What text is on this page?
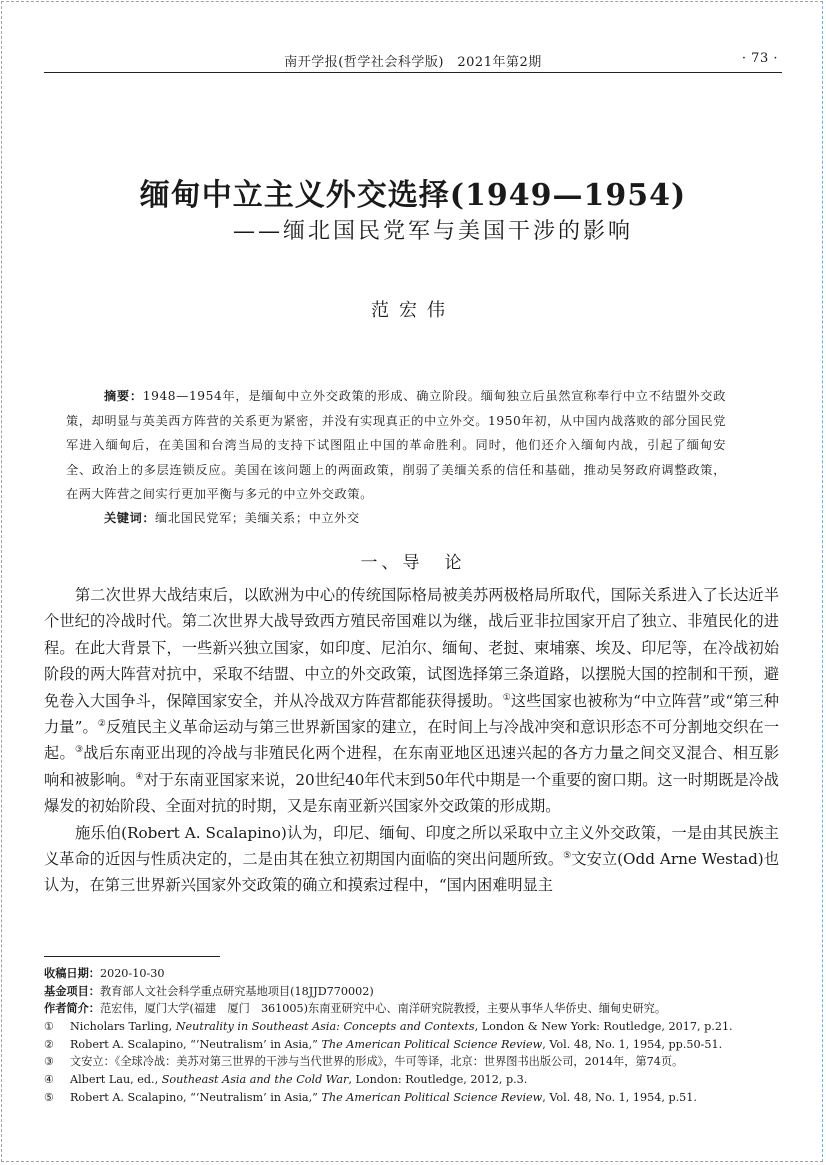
南开学报(哲学社会科学版)　2021年第2期	· 73 ·
缅甸中立主义外交选择(1949—1954)
——缅北国民党军与美国干涉的影响
范宏伟
摘要：1948—1954年，是缅甸中立外交政策的形成、确立阶段。缅甸独立后虽然宣称奉行中立不结盟外交政策，却明显与英美西方阵营的关系更为紧密，并没有实现真正的中立外交。1950年初，从中国内战落败的部分国民党军进入缅甸后，在美国和台湾当局的支持下试图阻止中国的革命胜利。同时，他们还介入缅甸内战，引起了缅甸安全、政治上的多层连锁反应。美国在该问题上的两面政策，削弱了美缅关系的信任和基础，推动吴努政府调整政策，在两大阵营之间实行更加平衡与多元的中立外交政策。
关键词：缅北国民党军；美缅关系；中立外交
一、导　论

第二次世界大战结束后，以欧洲为中心的传统国际格局被美苏两极格局所取代，国际关系进入了长达近半个世纪的冷战时代。第二次世界大战导致西方殖民帝国难以为继，战后亚非拉国家开启了独立、非殖民化的进程。在此大背景下，一些新兴独立国家，如印度、尼泊尔、缅甸、老挝、柬埔寨、埃及、印尼等，在冷战初始阶段的两大阵营对抗中，采取不结盟、中立的外交政策，试图选择第三条道路，以摆脱大国的控制和干预，避免卷入大国争斗，保障国家安全，并从冷战双方阵营都能获得援助。①这些国家也被称为“中立阵营”或“第三种力量”。②反殖民主义革命运动与第三世界新国家的建立，在时间上与冷战冲突和意识形态不可分割地交织在一起。③战后东南亚出现的冷战与非殖民化两个进程，在东南亚地区迅速兴起的各方力量之间交叉混合、相互影响和被影响。④对于东南亚国家来说，20世纪40年代末到50年代中期是一个重要的窗口期。这一时期既是冷战爆发的初始阶段、全面对抗的时期，又是东南亚新兴国家外交政策的形成期。

施乐伯(Robert A. Scalapino)认为，印尼、缅甸、印度之所以采取中立主义外交政策，一是由其民族主义革命的近因与性质决定的，二是由其在独立初期国内面临的突出问题所致。⑤文安立(Odd Arne Westad)也认为，在第三世界新兴国家外交政策的确立和摸索过程中，“国内困难明显主

收稿日期：2020-10-30
基金项目：教育部人文社会科学重点研究基地项目(18JJD770002)
作者简介：范宏伟，厦门大学(福建　厦门　361005)东南亚研究中心、南洋研究院教授，主要从事华人华侨史、缅甸史研究。
① Nicholars Tarling, Neutrality in Southeast Asia: Concepts and Contexts, London & New York: Routledge, 2017, p.21.
② Robert A. Scalapino, “‘Neutralism’ in Asia,” The American Political Science Review, Vol. 48, No. 1, 1954, pp.50-51.
③ 文安立：《全球冷战：美苏对第三世界的干涉与当代世界的形成》，牛可等译，北京：世界图书出版公司，2014年，第74页。
④ Albert Lau, ed., Southeast Asia and the Cold War, London: Routledge, 2012, p.3.
⑤ Robert A. Scalapino, “‘Neutralism’ in Asia,” The American Political Science Review, Vol. 48, No. 1, 1954, p.51.
